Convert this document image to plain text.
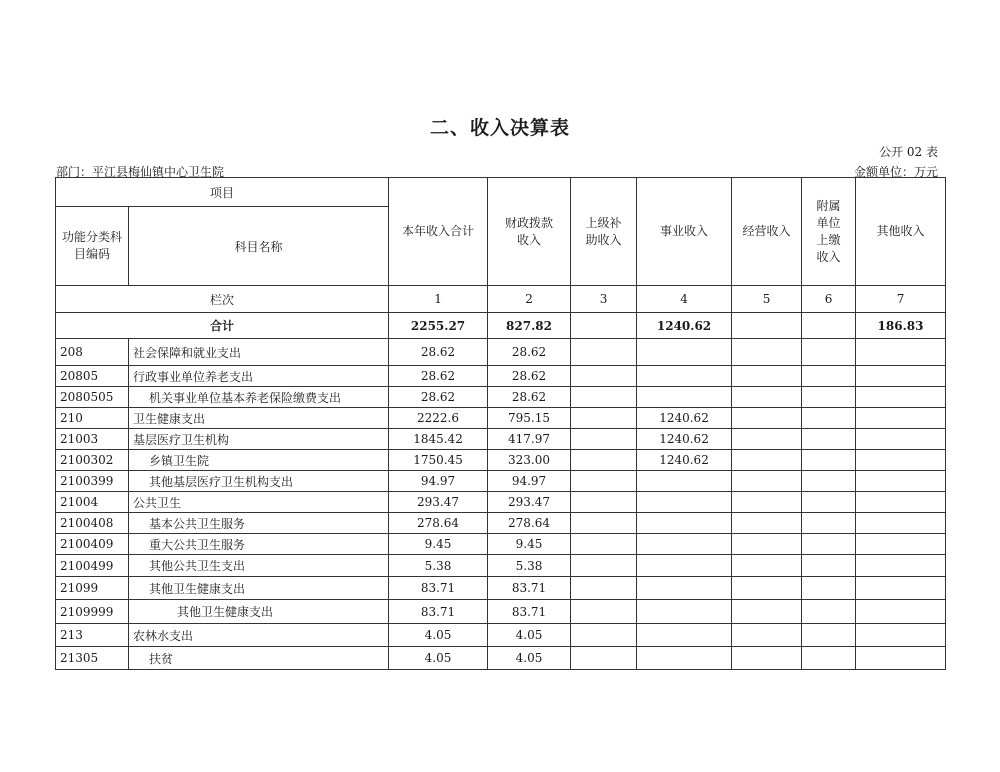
二、收入决算表
公开 02 表
部门：平江县梅仙镇中心卫生院	金额单位：万元
项目		本年收入合计	财政拨款收入	上级补助收入	事业收入	经营收入	附属单位上缴收入	其他收入
功能分类科目编码	科目名称							
栏次		1	2	3	4	5	6	7
合计		2255.27	827.82		1240.62			186.83
208	社会保障和就业支出	28.62	28.62					
20805	行政事业单位养老支出	28.62	28.62					
2080505	机关事业单位基本养老保险缴费支出	28.62	28.62					
210	卫生健康支出	2222.6	795.15		1240.62			
21003	基层医疗卫生机构	1845.42	417.97		1240.62			
2100302	乡镇卫生院	1750.45	323.00		1240.62			
2100399	其他基层医疗卫生机构支出	94.97	94.97					
21004	公共卫生	293.47	293.47					
2100408	基本公共卫生服务	278.64	278.64					
2100409	重大公共卫生服务	9.45	9.45					
2100499	其他公共卫生支出	5.38	5.38					
21099	其他卫生健康支出	83.71	83.71					
2109999	其他卫生健康支出	83.71	83.71					
213	农林水支出	4.05	4.05					
21305	扶贫	4.05	4.05					
